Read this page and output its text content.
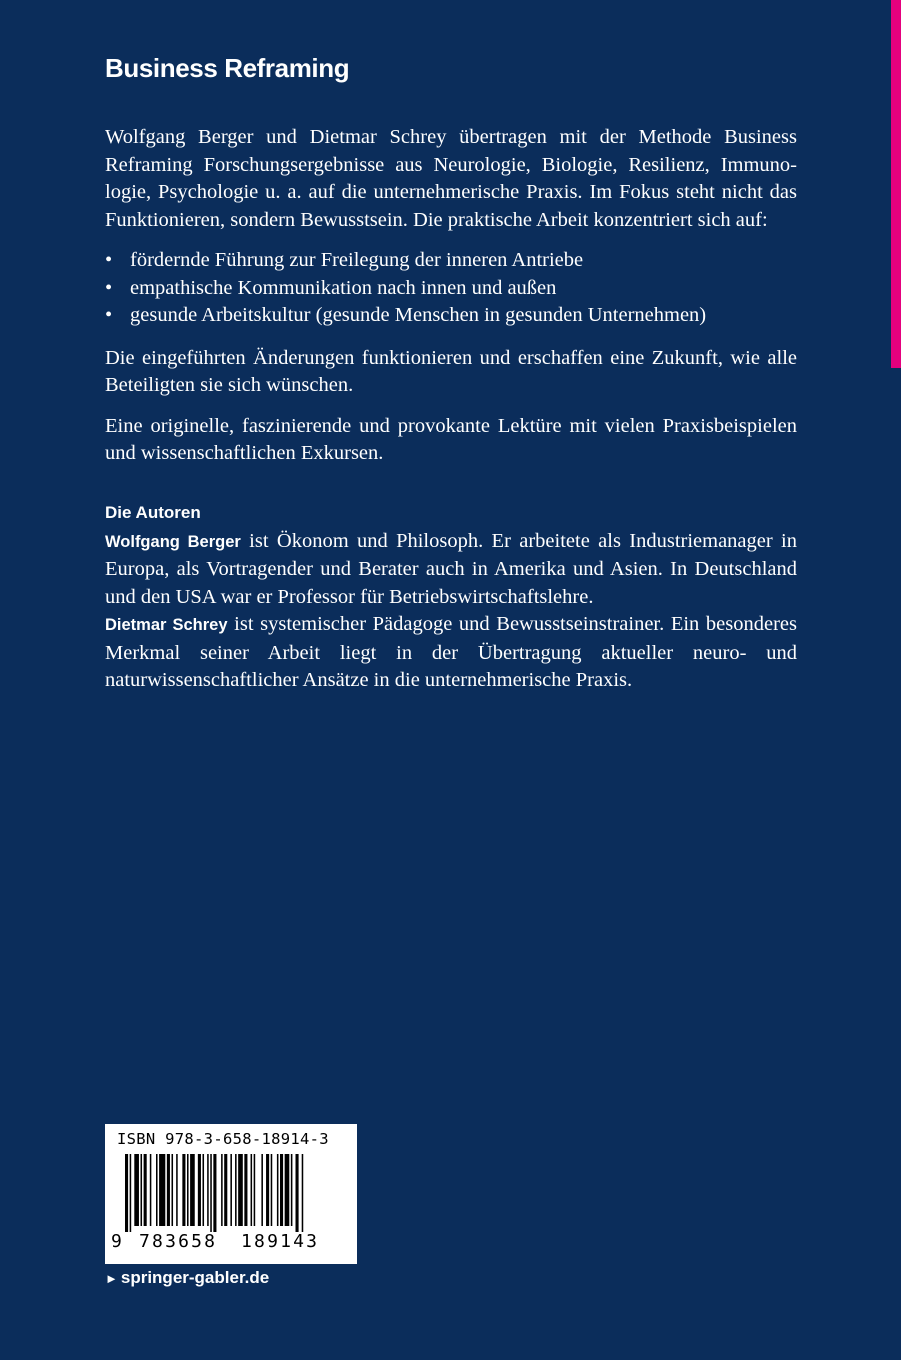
Business Reframing

Wolfgang Berger und Dietmar Schrey übertragen mit der Methode Business Reframing Forschungsergebnisse aus Neurologie, Biologie, Resilienz, Immunologie, Psychologie u. a. auf die unternehmerische Praxis. Im Fokus steht nicht das Funktionieren, sondern Bewusstsein. Die praktische Arbeit konzentriert sich auf:

• fördernde Führung zur Freilegung der inneren Antriebe
• empathische Kommunikation nach innen und außen
• gesunde Arbeitskultur (gesunde Menschen in gesunden Unternehmen)

Die eingeführten Änderungen funktionieren und erschaffen eine Zukunft, wie alle Beteiligten sie sich wünschen.

Eine originelle, faszinierende und provokante Lektüre mit vielen Praxisbeispielen und wissenschaftlichen Exkursen.

Die Autoren

Wolfgang Berger ist Ökonom und Philosoph. Er arbeitete als Industriemanager in Europa, als Vortragender und Berater auch in Amerika und Asien. In Deutschland und den USA war er Professor für Betriebswirtschaftslehre.

Dietmar Schrey ist systemischer Pädagoge und Bewusstseinstrainer. Ein besonderes Merkmal seiner Arbeit liegt in der Übertragung aktueller neuro- und naturwissenschaftlicher Ansätze in die unternehmerische Praxis.

ISBN 978-3-658-18914-3
9 783658 189143
► springer-gabler.de
